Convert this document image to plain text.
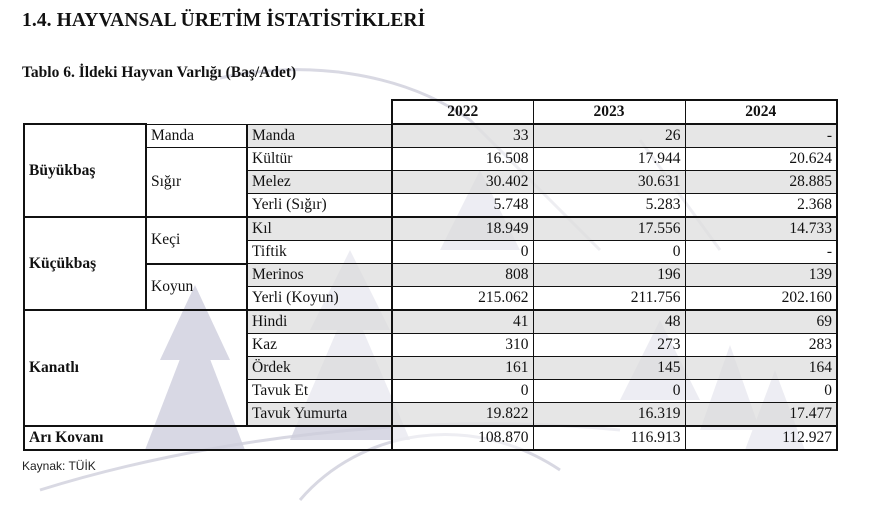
1.4. HAYVANSAL ÜRETİM İSTATİSTİKLERİ
Tablo 6. İldeki Hayvan Varlığı (Baş/Adet)
			2022	2023	2024
Büyükbaş	Manda	Manda	33	26	-
	Sığır	Kültür	16.508	17.944	20.624
		Melez	30.402	30.631	28.885
		Yerli (Sığır)	5.748	5.283	2.368
Küçükbaş	Keçi	Kıl	18.949	17.556	14.733
		Tiftik	0	0	-
	Koyun	Merinos	808	196	139
		Yerli (Koyun)	215.062	211.756	202.160
Kanatlı		Hindi	41	48	69
		Kaz	310	273	283
		Ördek	161	145	164
		Tavuk Et	0	0	0
		Tavuk Yumurta	19.822	16.319	17.477
Arı Kovanı			108.870	116.913	112.927
Kaynak: TÜİK
